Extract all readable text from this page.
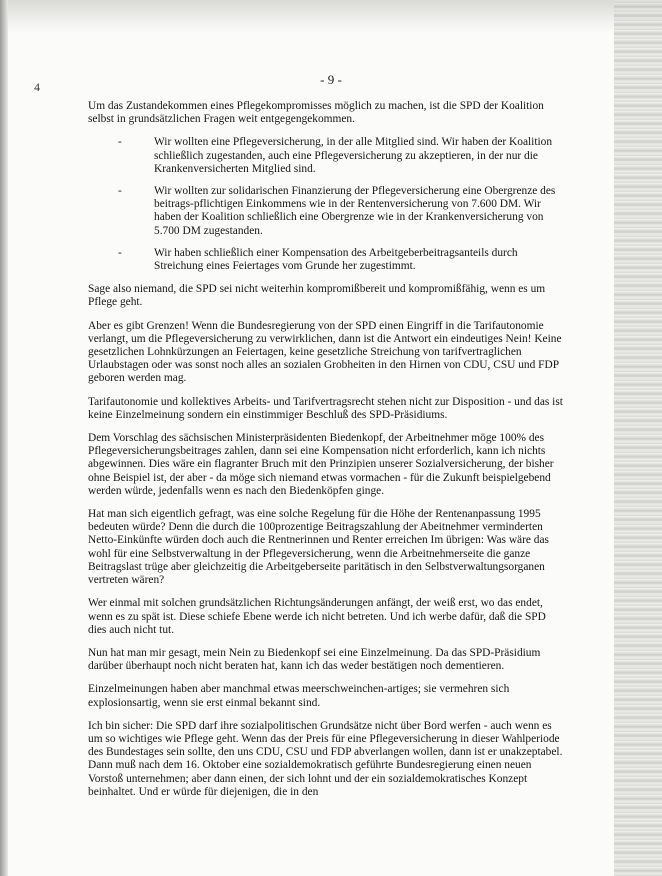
4	- 9 -

Um das Zustandekommen eines Pflegekompromisses möglich zu machen, ist die SPD der Koalition selbst in grundsätzlichen Fragen weit entgegengekommen.

-	Wir wollten eine Pflegeversicherung, in der alle Mitglied sind. Wir haben der Koalition schließlich zugestanden, auch eine Pflegeversicherung zu akzeptieren, in der nur die Krankenversicherten Mitglied sind.
-	Wir wollten zur solidarischen Finanzierung der Pflegeversicherung eine Obergrenze des beitrags-pflichtigen Einkommens wie in der Rentenversicherung von 7.600 DM. Wir haben der Koalition schließlich eine Obergrenze wie in der Krankenversicherung von 5.700 DM zugestanden.
-	Wir haben schließlich einer Kompensation des Arbeitgeberbeitragsanteils durch Streichung eines Feiertages vom Grunde her zugestimmt.

Sage also niemand, die SPD sei nicht weiterhin kompromißbereit und kompromißfähig, wenn es um Pflege geht.

Aber es gibt Grenzen! Wenn die Bundesregierung von der SPD einen Eingriff in die Tarifautonomie verlangt, um die Pflegeversicherung zu verwirklichen, dann ist die Antwort ein eindeutiges Nein! Keine gesetzlichen Lohnkürzungen an Feiertagen, keine gesetzliche Streichung von tarifvertraglichen Urlaubstagen oder was sonst noch alles an sozialen Grobheiten in den Hirnen von CDU, CSU und FDP geboren werden mag.

Tarifautonomie und kollektives Arbeits- und Tarifvertragsrecht stehen nicht zur Disposition - und das ist keine Einzelmeinung sondern ein einstimmiger Beschluß des SPD-Präsidiums.

Dem Vorschlag des sächsischen Ministerpräsidenten Biedenkopf, der Arbeitnehmer möge 100% des Pflegeversicherungsbeitrages zahlen, dann sei eine Kompensation nicht erforderlich, kann ich nichts abgewinnen. Dies wäre ein flagranter Bruch mit den Prinzipien unserer Sozialversicherung, der bisher ohne Beispiel ist, der aber - da möge sich niemand etwas vormachen - für die Zukunft beispielgebend werden würde, jedenfalls wenn es nach den Biedenköpfen ginge.

Hat man sich eigentlich gefragt, was eine solche Regelung für die Höhe der Rentenanpassung 1995 bedeuten würde? Denn die durch die 100prozentige Beitragszahlung der Abeitnehmer verminderten Netto-Einkünfte würden doch auch die Rentnerinnen und Renter erreichen Im übrigen: Was wäre das wohl für eine Selbstverwaltung in der Pflegeversicherung, wenn die Arbeitnehmerseite die ganze Beitragslast trüge aber gleichzeitig die Arbeitgeberseite paritätisch in den Selbstverwaltungsorganen vertreten wären?

Wer einmal mit solchen grundsätzlichen Richtungsänderungen anfängt, der weiß erst, wo das endet, wenn es zu spät ist. Diese schiefe Ebene werde ich nicht betreten. Und ich werbe dafür, daß die SPD dies auch nicht tut.

Nun hat man mir gesagt, mein Nein zu Biedenkopf sei eine Einzelmeinung. Da das SPD-Präsidium darüber überhaupt noch nicht beraten hat, kann ich das weder bestätigen noch dementieren.

Einzelmeinungen haben aber manchmal etwas meerschweinchen-artiges; sie vermehren sich explosionsartig, wenn sie erst einmal bekannt sind.

Ich bin sicher: Die SPD darf ihre sozialpolitischen Grundsätze nicht über Bord werfen - auch wenn es um so wichtiges wie Pflege geht. Wenn das der Preis für eine Pflegeversicherung in dieser Wahlperiode des Bundestages sein sollte, den uns CDU, CSU und FDP abverlangen wollen, dann ist er unakzeptabel. Dann muß nach dem 16. Oktober eine sozialdemokratisch geführte Bundesregierung einen neuen Vorstoß unternehmen; aber dann einen, der sich lohnt und der ein sozialdemokratisches Konzept beinhaltet. Und er würde für diejenigen, die in den
